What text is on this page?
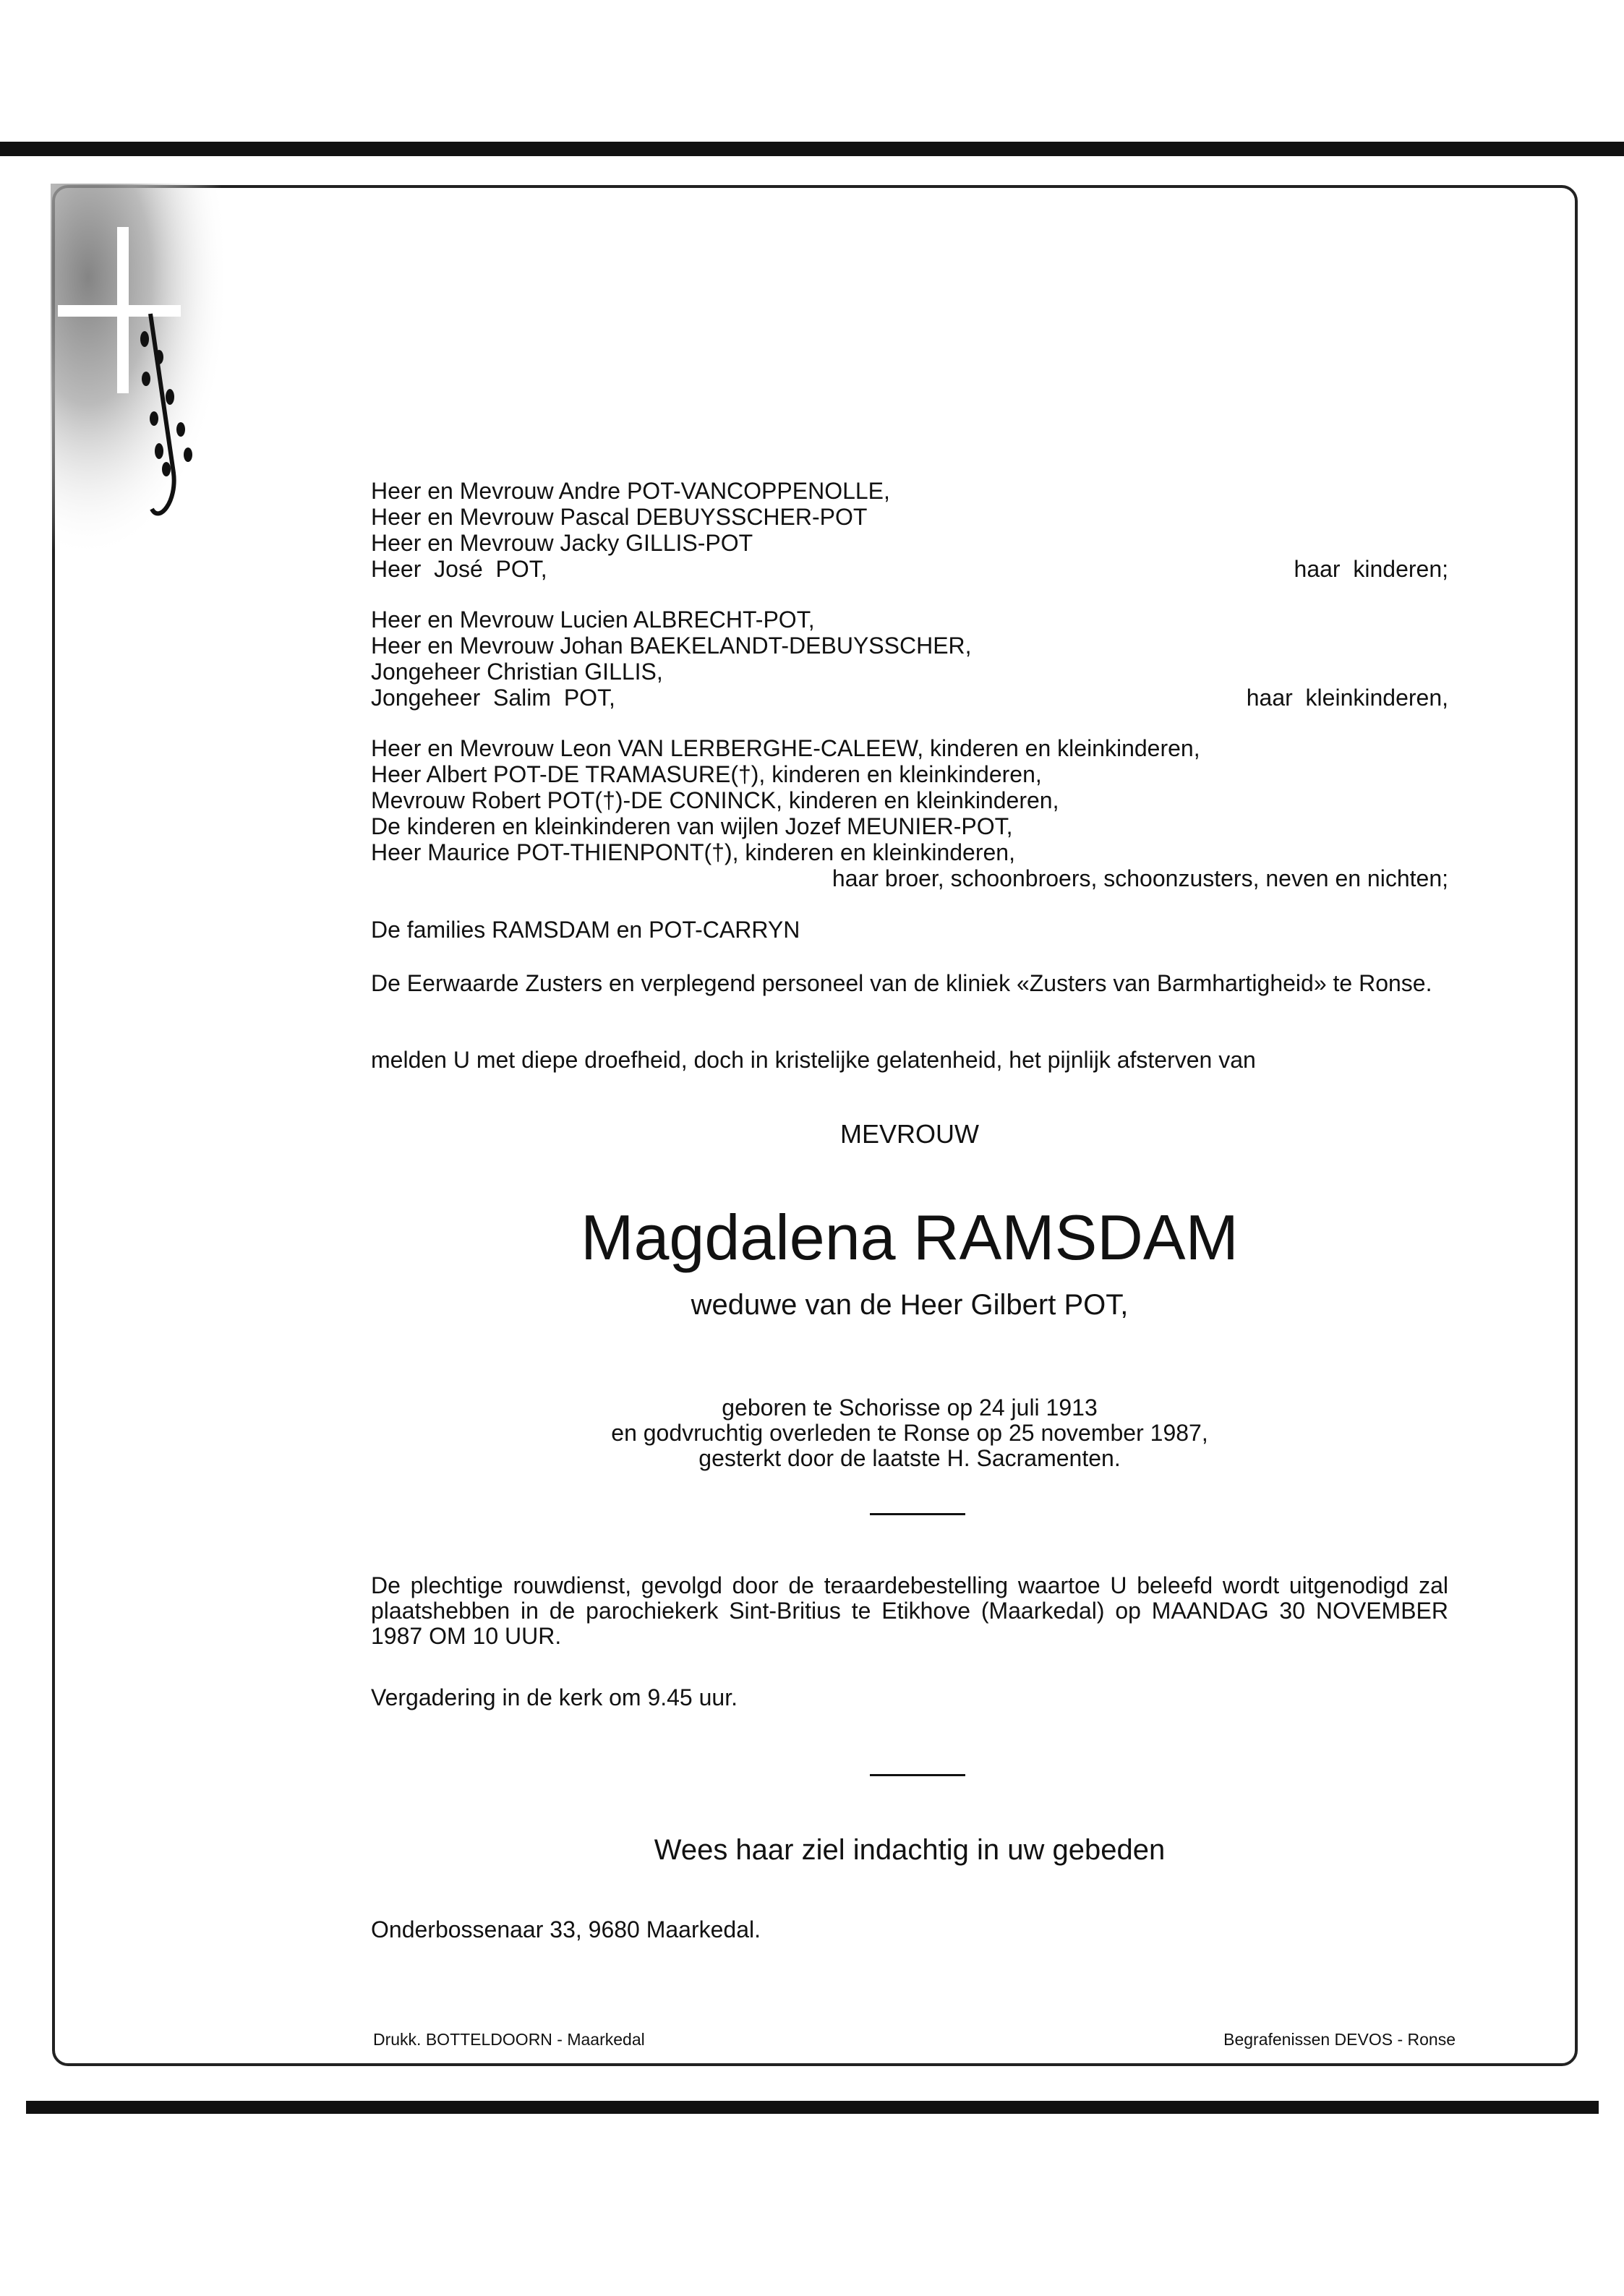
Heer en Mevrouw Andre POT-VANCOPPENOLLE,
Heer en Mevrouw Pascal DEBUYSSCHER-POT
Heer en Mevrouw Jacky GILLIS-POT
Heer  José  POT,	haar  kinderen;
Heer en Mevrouw Lucien ALBRECHT-POT,
Heer en Mevrouw Johan BAEKELANDT-DEBUYSSCHER,
Jongeheer Christian GILLIS,
Jongeheer  Salim  POT,	haar  kleinkinderen,
Heer en Mevrouw Leon VAN LERBERGHE-CALEEW, kinderen en kleinkinderen,
Heer Albert POT-DE TRAMASURE(†), kinderen en kleinkinderen,
Mevrouw Robert POT(†)-DE CONINCK, kinderen en kleinkinderen,
De kinderen en kleinkinderen van wijlen Jozef MEUNIER-POT,
Heer Maurice POT-THIENPONT(†), kinderen en kleinkinderen,
haar broer, schoonbroers, schoonzusters, neven en nichten;
De families RAMSDAM en POT-CARRYN
De Eerwaarde Zusters en verplegend personeel van de kliniek «Zusters van Barmhartigheid» te Ronse.
melden U met diepe droefheid, doch in kristelijke gelatenheid, het pijnlijk afsterven van
MEVROUW
Magdalena RAMSDAM
weduwe van de Heer Gilbert POT,
geboren te Schorisse op 24 juli 1913
en godvruchtig overleden te Ronse op 25 november 1987,
gesterkt door de laatste H. Sacramenten.
De plechtige rouwdienst, gevolgd door de teraardebestelling waartoe U beleefd wordt uitgenodigd zal plaatshebben in de parochiekerk Sint-Britius te Etikhove (Maarkedal) op MAANDAG 30 NOVEMBER 1987 OM 10 UUR.
Vergadering in de kerk om 9.45 uur.
Wees haar ziel indachtig in uw gebeden
Onderbossenaar 33, 9680 Maarkedal.
Drukk. BOTTELDOORN - Maarkedal	Begrafenissen DEVOS - Ronse
